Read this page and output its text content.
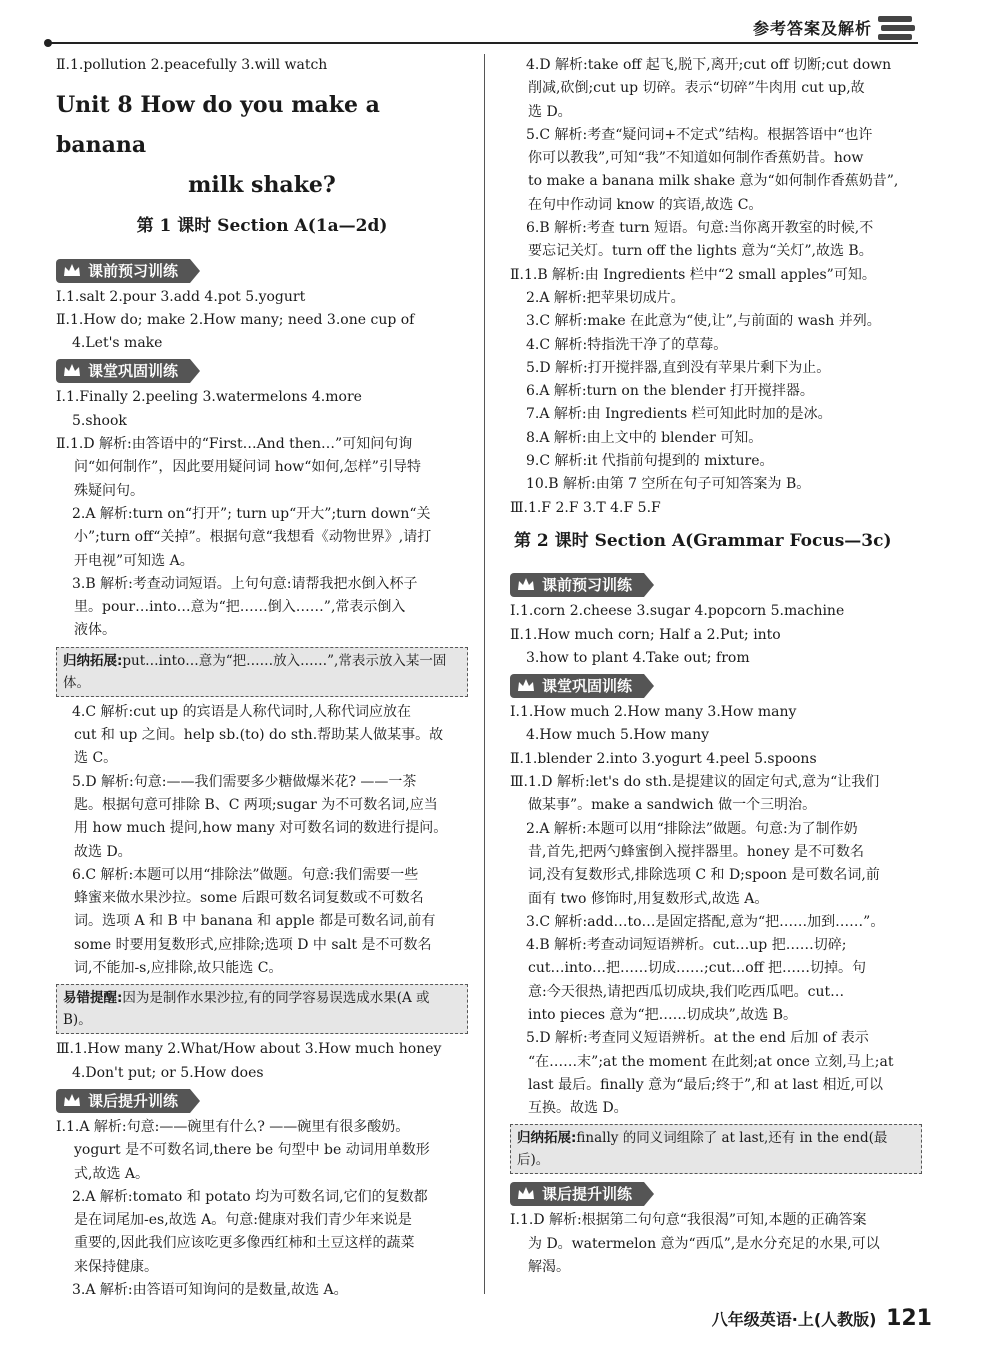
参考答案及解析
Ⅱ.1.pollution 2.peacefully 3.will watch
Unit 8 How do you make a banana
milk shake?
第 1 课时 Section A(1a—2d)
课前预习训练
Ⅰ.1.salt 2.pour 3.add 4.pot 5.yogurt
Ⅱ.1.How do; make 2.How many; need 3.one cup of
4.Let's make
课堂巩固训练
Ⅰ.1.Finally 2.peeling 3.watermelons 4.more
5.shook
Ⅱ.1.D 解析:由答语中的“First…And then…”可知问句询
问“如何制作”，因此要用疑问词 how“如何,怎样”引导特
殊疑问句。
2.A 解析:turn on“打开”; turn up“开大”;turn down“关
小”;turn off“关掉”。根据句意“我想看《动物世界》,请打
开电视”可知选 A。
3.B 解析:考查动词短语。上句句意:请帮我把水倒入杯子
里。pour…into…意为“把……倒入……”,常表示倒入
液体。
归纳拓展:put…into…意为“把……放入……”,常表示放入某一固体。
4.C 解析:cut up 的宾语是人称代词时,人称代词应放在
cut 和 up 之间。help sb.(to) do sth.帮助某人做某事。故
选 C。
5.D 解析:句意:——我们需要多少糖做爆米花? ——一茶
匙。根据句意可排除 B、C 两项;sugar 为不可数名词,应当
用 how much 提问,how many 对可数名词的数进行提问。
故选 D。
6.C 解析:本题可以用“排除法”做题。句意:我们需要一些
蜂蜜来做水果沙拉。some 后跟可数名词复数或不可数名
词。选项 A 和 B 中 banana 和 apple 都是可数名词,前有
some 时要用复数形式,应排除;选项 D 中 salt 是不可数名
词,不能加-s,应排除,故只能选 C。
易错提醒:因为是制作水果沙拉,有的同学容易误选成水果(A 或 B)。
Ⅲ.1.How many 2.What/How about 3.How much honey
4.Don't put; or 5.How does
课后提升训练
Ⅰ.1.A 解析:句意:——碗里有什么? ——碗里有很多酸奶。
yogurt 是不可数名词,there be 句型中 be 动词用单数形
式,故选 A。
2.A 解析:tomato 和 potato 均为可数名词,它们的复数都
是在词尾加-es,故选 A。句意:健康对我们青少年来说是
重要的,因此我们应该吃更多像西红柿和土豆这样的蔬菜
来保持健康。
3.A 解析:由答语可知询问的是数量,故选 A。
4.D 解析:take off 起飞,脱下,离开;cut off 切断;cut down
削减,砍倒;cut up 切碎。表示“切碎”牛肉用 cut up,故
选 D。
5.C 解析:考查“疑问词+不定式”结构。根据答语中“也许
你可以教我”,可知“我”不知道如何制作香蕉奶昔。how
to make a banana milk shake 意为“如何制作香蕉奶昔”,
在句中作动词 know 的宾语,故选 C。
6.B 解析:考查 turn 短语。句意:当你离开教室的时候,不
要忘记关灯。turn off the lights 意为“关灯”,故选 B。
Ⅱ.1.B 解析:由 Ingredients 栏中“2 small apples”可知。
2.A 解析:把苹果切成片。
3.C 解析:make 在此意为“使,让”,与前面的 wash 并列。
4.C 解析:特指洗干净了的草莓。
5.D 解析:打开搅拌器,直到没有苹果片剩下为止。
6.A 解析:turn on the blender 打开搅拌器。
7.A 解析:由 Ingredients 栏可知此时加的是冰。
8.A 解析:由上文中的 blender 可知。
9.C 解析:it 代指前句提到的 mixture。
10.B 解析:由第 7 空所在句子可知答案为 B。
Ⅲ.1.F 2.F 3.T 4.F 5.F
第 2 课时 Section A(Grammar Focus—3c)
课前预习训练
Ⅰ.1.corn 2.cheese 3.sugar 4.popcorn 5.machine
Ⅱ.1.How much corn; Half a 2.Put; into
3.how to plant 4.Take out; from
课堂巩固训练
Ⅰ.1.How much 2.How many 3.How many
4.How much 5.How many
Ⅱ.1.blender 2.into 3.yogurt 4.peel 5.spoons
Ⅲ.1.D 解析:let's do sth.是提建议的固定句式,意为“让我们
做某事”。make a sandwich 做一个三明治。
2.A 解析:本题可以用“排除法”做题。句意:为了制作奶
昔,首先,把两勺蜂蜜倒入搅拌器里。honey 是不可数名
词,没有复数形式,排除选项 C 和 D;spoon 是可数名词,前
面有 two 修饰时,用复数形式,故选 A。
3.C 解析:add…to…是固定搭配,意为“把……加到……”。
4.B 解析:考查动词短语辨析。cut…up 把……切碎;
cut…into…把……切成……;cut…off 把……切掉。句
意:今天很热,请把西瓜切成块,我们吃西瓜吧。cut…
into pieces 意为“把……切成块”,故选 B。
5.D 解析:考查同义短语辨析。at the end 后加 of 表示
“在……末”;at the moment 在此刻;at once 立刻,马上;at
last 最后。finally 意为“最后;终于”,和 at last 相近,可以
互换。故选 D。
归纳拓展:finally 的同义词组除了 at last,还有 in the end(最后)。
课后提升训练
Ⅰ.1.D 解析:根据第二句句意“我很渴”可知,本题的正确答案
为 D。watermelon 意为“西瓜”,是水分充足的水果,可以
解渴。
八年级英语·上(人教版) 121
